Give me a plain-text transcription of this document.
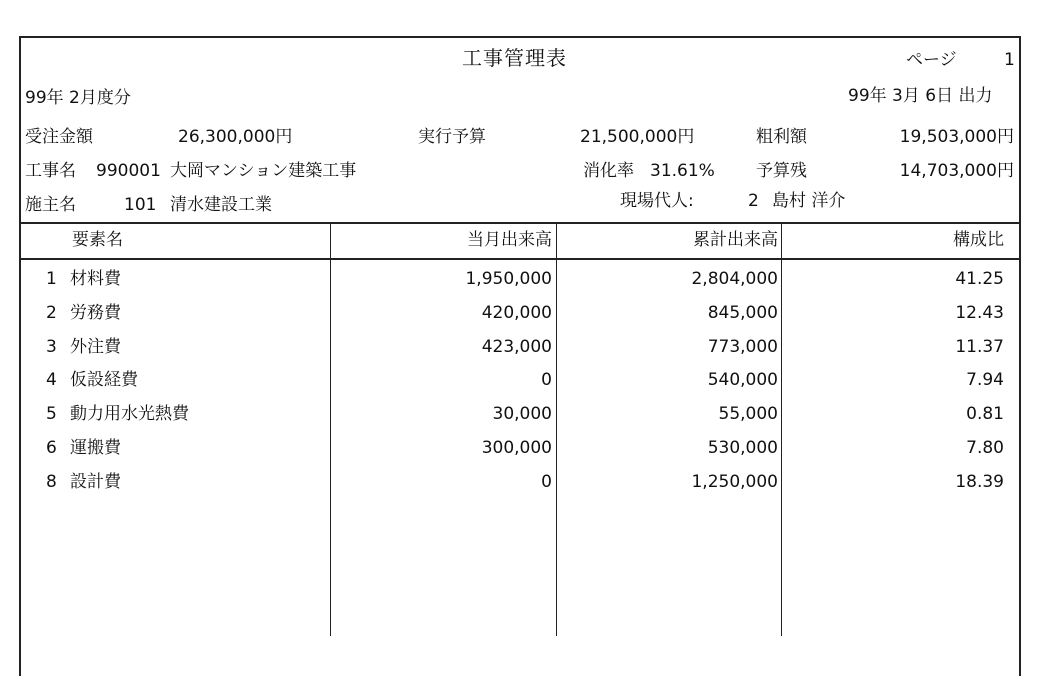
工事管理表	ページ	1
99年 2月度分	99年 3月 6日 出力
受注金額	26,300,000円	実行予算	21,500,000円	粗利額	19,503,000円
工事名 990001 大岡マンション建築工事	消化率 31.61% 予算残	14,703,000円
施主名	101 清水建設工業	現場代人:	2 島村 洋介
要素名	当月出来高	累計出来高	構成比
1 材料費	1,950,000	2,804,000	41.25
2 労務費	420,000	845,000	12.43
3 外注費	423,000	773,000	11.37
4 仮設経費	0	540,000	7.94
5 動力用水光熱費	30,000	55,000	0.81
6 運搬費	300,000	530,000	7.80
8 設計費	0	1,250,000	18.39
